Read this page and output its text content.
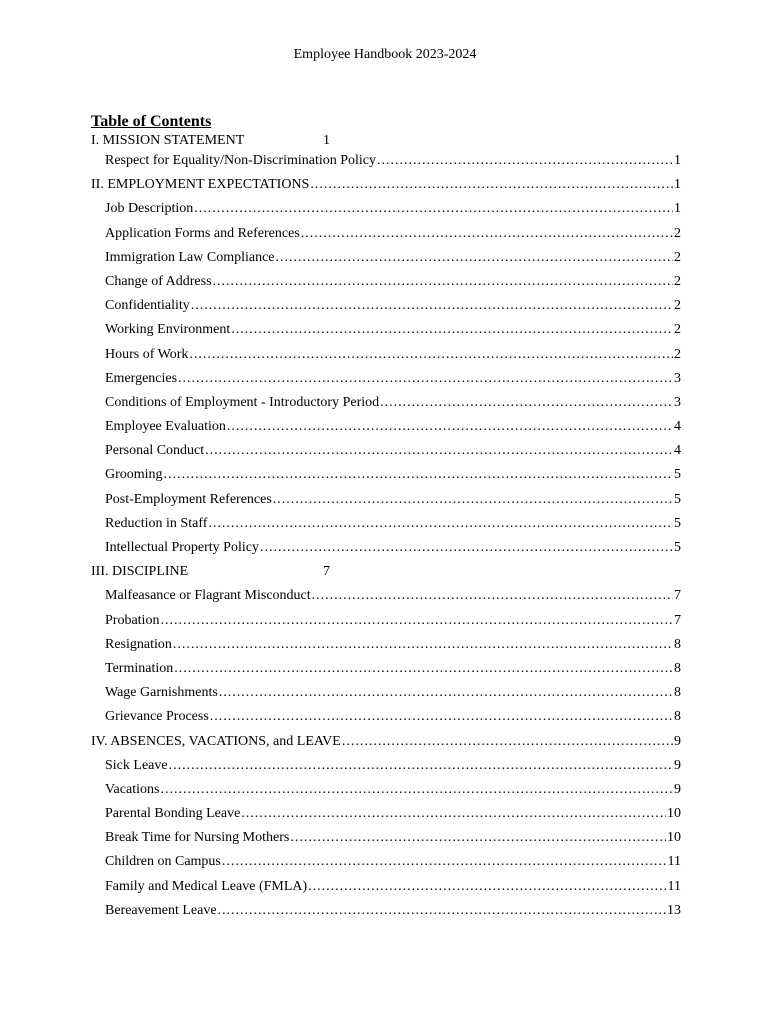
Employee Handbook 2023-2024
Table of Contents
I. MISSION STATEMENT	1
Respect for Equality/Non-Discrimination Policy .....	1
II. EMPLOYMENT EXPECTATIONS .....	1
Job Description .....	1
Application Forms and References .....	2
Immigration Law Compliance .....	2
Change of Address .....	2
Confidentiality .....	2
Working Environment .....	2
Hours of Work .....	2
Emergencies .....	3
Conditions of Employment - Introductory Period .....	3
Employee Evaluation .....	4
Personal Conduct .....	4
Grooming .....	5
Post-Employment References .....	5
Reduction in Staff .....	5
Intellectual Property Policy .....	5
III. DISCIPLINE	7
Malfeasance or Flagrant Misconduct .....	7
Probation .....	7
Resignation .....	8
Termination .....	8
Wage Garnishments .....	8
Grievance Process .....	8
IV. ABSENCES, VACATIONS, and LEAVE .....	9
Sick Leave .....	9
Vacations .....	9
Parental Bonding Leave .....	10
Break Time for Nursing Mothers .....	10
Children on Campus .....	11
Family and Medical Leave (FMLA) .....	11
Bereavement Leave .....	13
